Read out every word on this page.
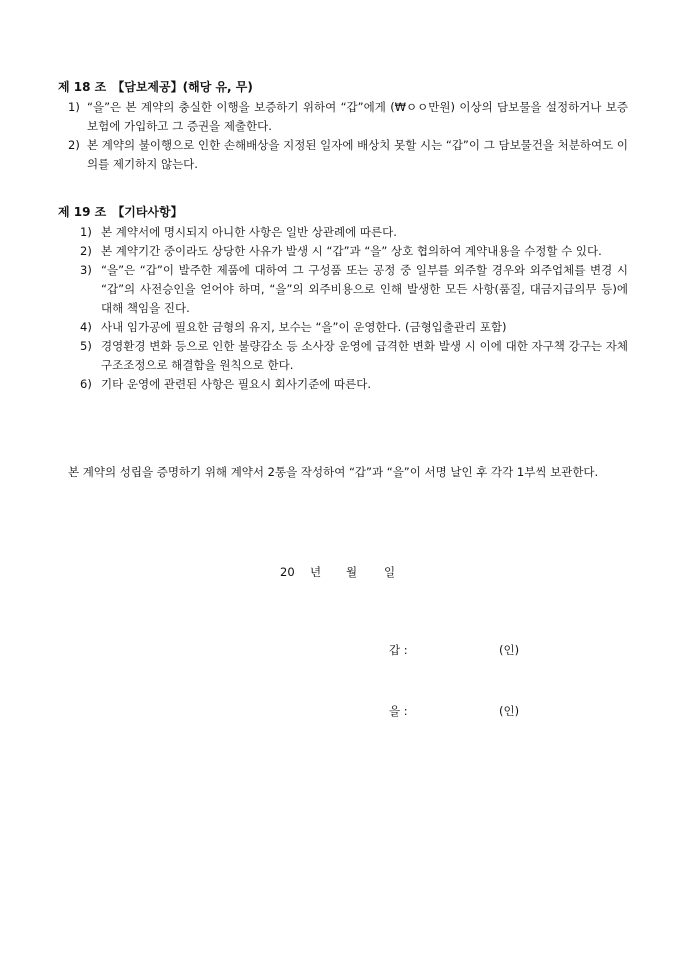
제 18 조 【담보제공】(해당 유, 무)
1) “을”은 본 계약의 충실한 이행을 보증하기 위하여 “갑”에게 (₩ㅇㅇ만원) 이상의 담보물을 설정하거나 보증보험에 가입하고 그 증권을 제출한다.
2) 본 계약의 불이행으로 인한 손해배상을 지정된 일자에 배상치 못할 시는 “갑”이 그 담보물건을 처분하여도 이의를 제기하지 않는다.
제 19 조 【기타사항】
1) 본 계약서에 명시되지 아니한 사항은 일반 상관례에 따른다.
2) 본 계약기간 중이라도 상당한 사유가 발생 시 “갑”과 “을” 상호 협의하여 계약내용을 수정할 수 있다.
3) “을”은 “갑”이 발주한 제품에 대하여 그 구성품 또는 공정 중 일부를 외주할 경우와 외주업체를 변경 시 “갑”의 사전승인을 얻어야 하며, “을”의 외주비용으로 인해 발생한 모든 사항(품질, 대금지급의무 등)에 대해 책임을 진다.
4) 사내 임가공에 필요한 금형의 유지, 보수는 “을”이 운영한다. (금형입출관리 포함)
5) 경영환경 변화 등으로 인한 불량감소 등 소사장 운영에 급격한 변화 발생 시 이에 대한 자구책 강구는 자체 구조조정으로 해결함을 원칙으로 한다.
6) 기타 운영에 관련된 사항은 필요시 회사기준에 따른다.

본 계약의 성립을 증명하기 위해 계약서 2통을 작성하여 “갑”과 “을”이 서명 날인 후 각각 1부씩 보관한다.

20 년 월 일
갑 :	(인)
을 :	(인)
